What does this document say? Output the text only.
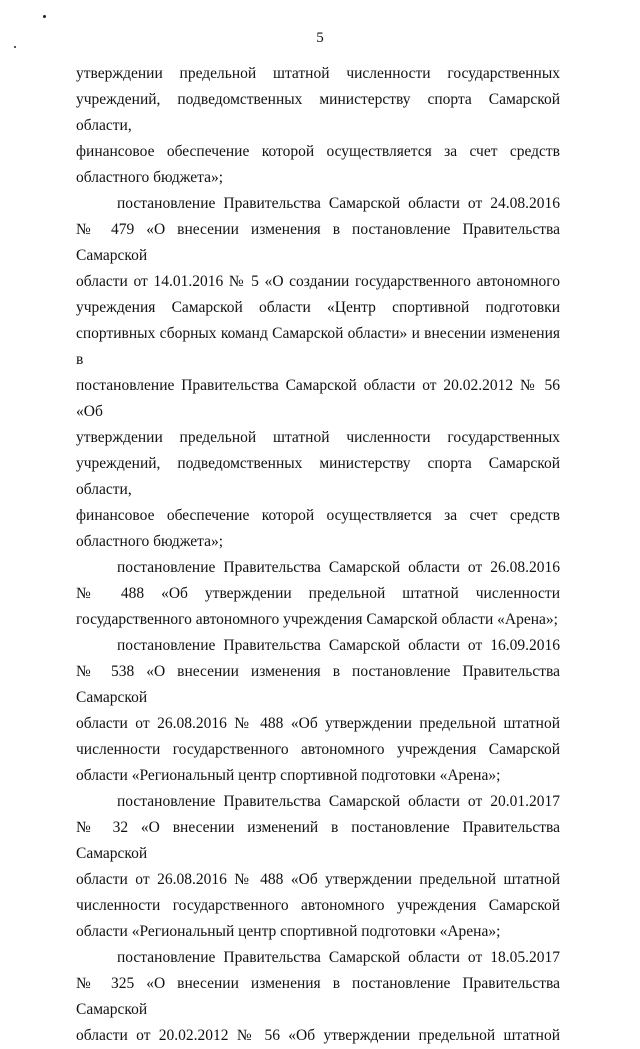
5
утверждении предельной штатной численности государственных
учреждений, подведомственных министерству спорта Самарской области,
финансовое обеспечение которой осуществляется за счет средств
областного бюджета»;
постановление Правительства Самарской области от 24.08.2016
№ 479 «О внесении изменения в постановление Правительства Самарской
области от 14.01.2016 № 5 «О создании государственного автономного
учреждения Самарской области «Центр спортивной подготовки
спортивных сборных команд Самарской области» и внесении изменения в
постановление Правительства Самарской области от 20.02.2012 № 56 «Об
утверждении предельной штатной численности государственных
учреждений, подведомственных министерству спорта Самарской области,
финансовое обеспечение которой осуществляется за счет средств
областного бюджета»;
постановление Правительства Самарской области от 26.08.2016
№ 488 «Об утверждении предельной штатной численности
государственного автономного учреждения Самарской области «Арена»;
постановление Правительства Самарской области от 16.09.2016
№ 538 «О внесении изменения в постановление Правительства Самарской
области от 26.08.2016 № 488 «Об утверждении предельной штатной
численности государственного автономного учреждения Самарской
области «Региональный центр спортивной подготовки «Арена»;
постановление Правительства Самарской области от 20.01.2017
№ 32 «О внесении изменений в постановление Правительства Самарской
области от 26.08.2016 № 488 «Об утверждении предельной штатной
численности государственного автономного учреждения Самарской
области «Региональный центр спортивной подготовки «Арена»;
постановление Правительства Самарской области от 18.05.2017
№ 325 «О внесении изменения в постановление Правительства Самарской
области от 20.02.2012 № 56 «Об утверждении предельной штатной
